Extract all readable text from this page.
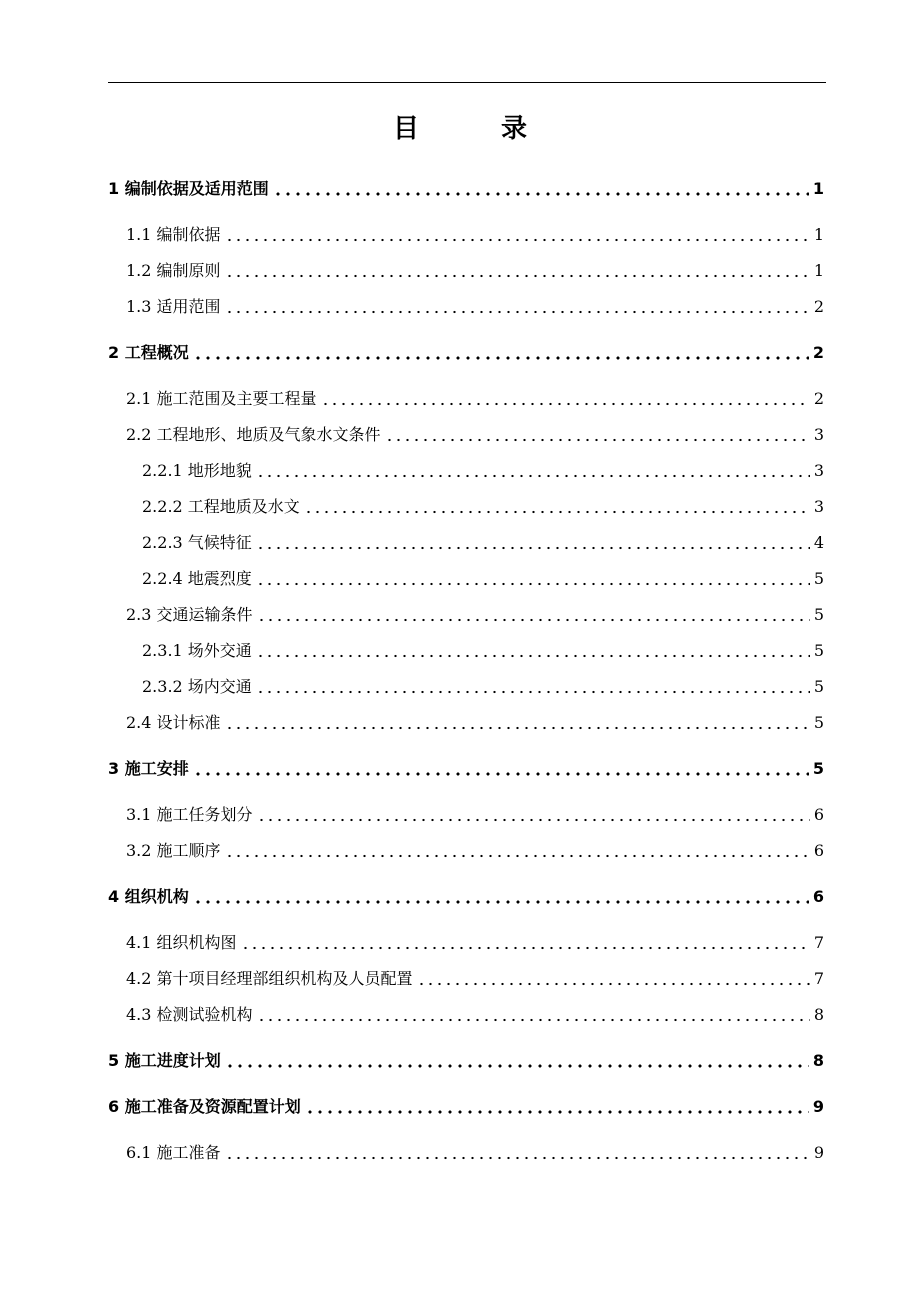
目　录
1 编制依据及适用范围	1
1.1 编制依据	1
1.2 编制原则	1
1.3 适用范围	2
2 工程概况	2
2.1 施工范围及主要工程量	2
2.2 工程地形、地质及气象水文条件	3
2.2.1 地形地貌	3
2.2.2 工程地质及水文	3
2.2.3 气候特征	4
2.2.4 地震烈度	5
2.3 交通运输条件	5
2.3.1 场外交通	5
2.3.2 场内交通	5
2.4 设计标准	5
3 施工安排	5
3.1 施工任务划分	6
3.2 施工顺序	6
4 组织机构	6
4.1 组织机构图	7
4.2 第十项目经理部组织机构及人员配置	7
4.3 检测试验机构	8
5 施工进度计划	8
6 施工准备及资源配置计划	9
6.1 施工准备	9
